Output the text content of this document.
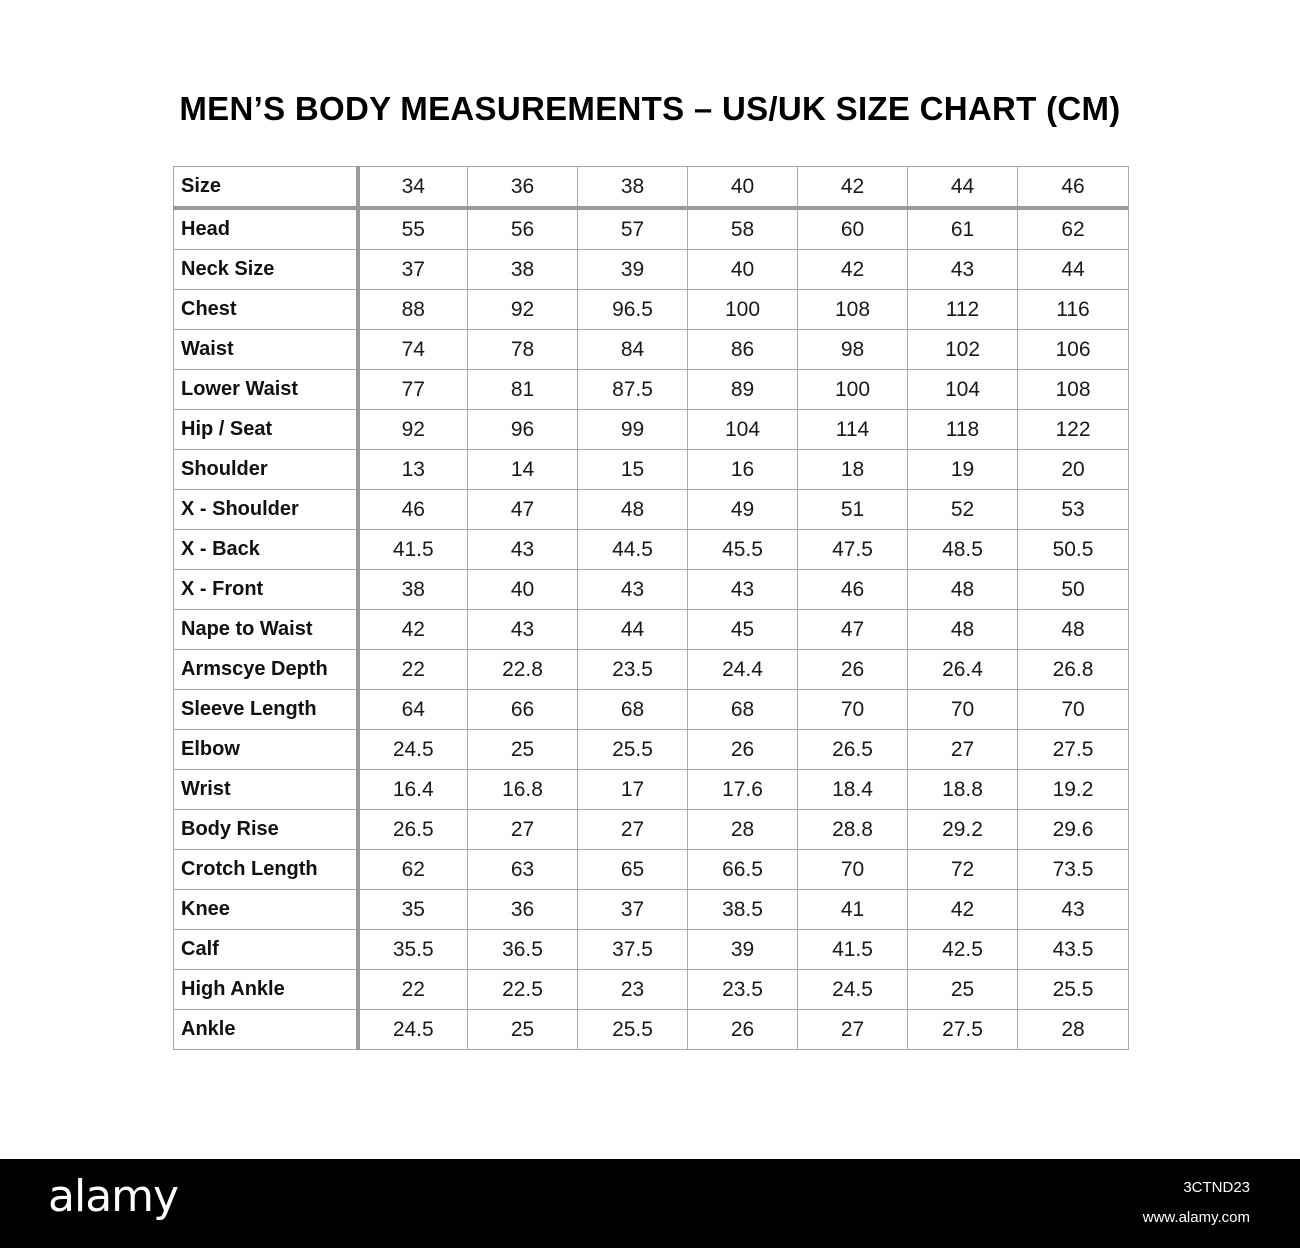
MEN’S BODY MEASUREMENTS – US/UK SIZE CHART (CM)
Size	34	36	38	40	42	44	46
Head	55	56	57	58	60	61	62
Neck Size	37	38	39	40	42	43	44
Chest	88	92	96.5	100	108	112	116
Waist	74	78	84	86	98	102	106
Lower Waist	77	81	87.5	89	100	104	108
Hip / Seat	92	96	99	104	114	118	122
Shoulder	13	14	15	16	18	19	20
X - Shoulder	46	47	48	49	51	52	53
X - Back	41.5	43	44.5	45.5	47.5	48.5	50.5
X - Front	38	40	43	43	46	48	50
Nape to Waist	42	43	44	45	47	48	48
Armscye Depth	22	22.8	23.5	24.4	26	26.4	26.8
Sleeve Length	64	66	68	68	70	70	70
Elbow	24.5	25	25.5	26	26.5	27	27.5
Wrist	16.4	16.8	17	17.6	18.4	18.8	19.2
Body Rise	26.5	27	27	28	28.8	29.2	29.6
Crotch Length	62	63	65	66.5	70	72	73.5
Knee	35	36	37	38.5	41	42	43
Calf	35.5	36.5	37.5	39	41.5	42.5	43.5
High Ankle	22	22.5	23	23.5	24.5	25	25.5
Ankle	24.5	25	25.5	26	27	27.5	28
alamy	3CTND23
www.alamy.com
